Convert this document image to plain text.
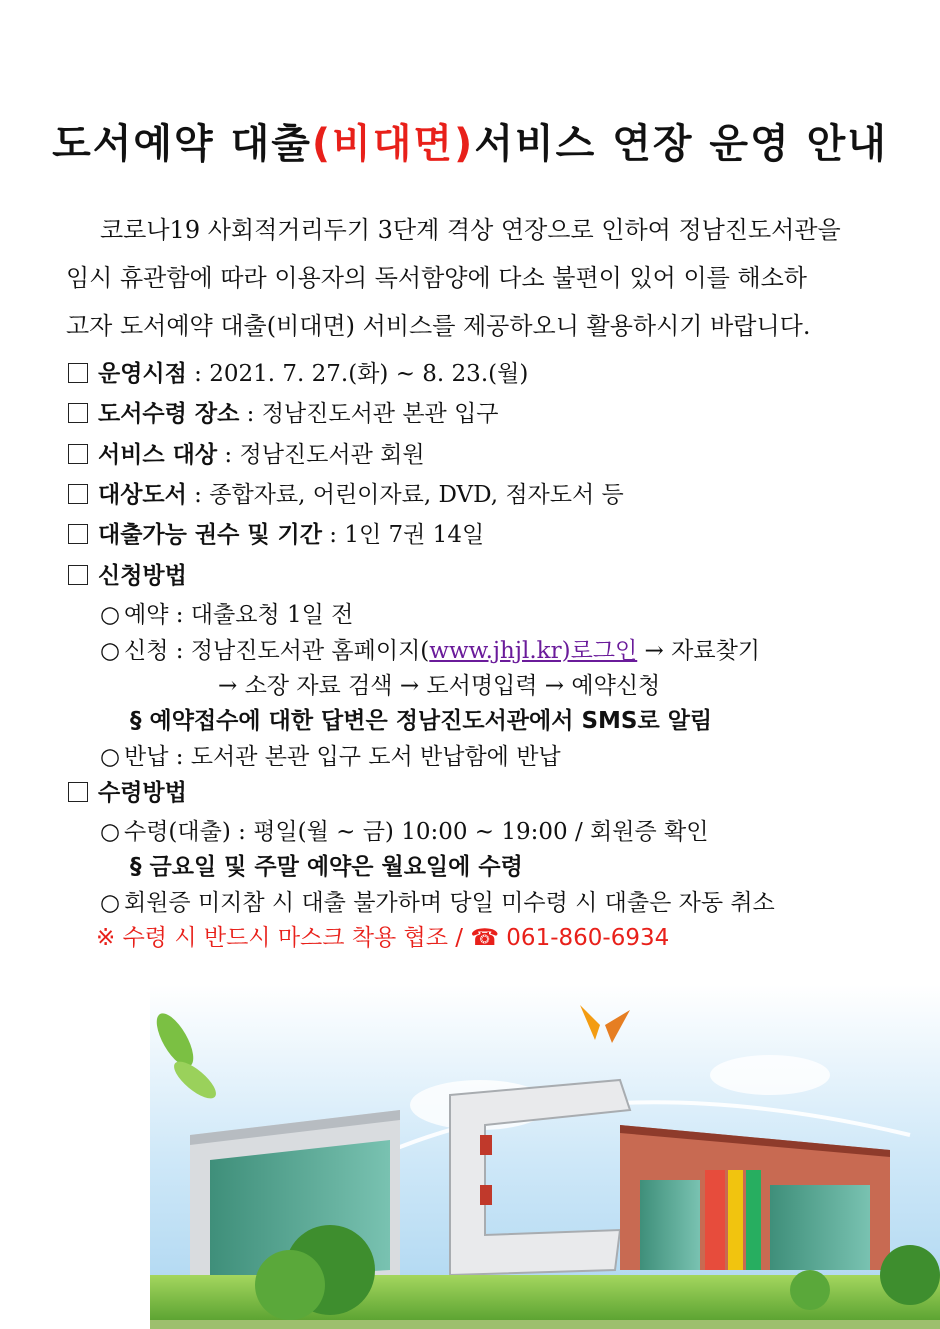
도서예약 대출(비대면)서비스 연장 운영 안내
코로나19 사회적거리두기 3단계 격상 연장으로 인하여 정남진도서관을
임시 휴관함에 따라 이용자의 독서함양에 다소 불편이 있어 이를 해소하
고자 도서예약 대출(비대면) 서비스를 제공하오니 활용하시기 바랍니다.
운영시점 : 2021. 7. 27.(화) ~ 8. 23.(월)
도서수령 장소 : 정남진도서관 본관 입구
서비스 대상 : 정남진도서관 회원
대상도서 : 종합자료, 어린이자료, DVD, 점자도서 등
대출가능 권수 및 기간 : 1인 7권 14일
신청방법
○ 예약 : 대출요청 1일 전
○ 신청 : 정남진도서관 홈페이지(www.jhjl.kr)로그인 → 자료찾기
→ 소장 자료 검색 → 도서명입력 → 예약신청
§ 예약접수에 대한 답변은 정남진도서관에서 SMS로 알림
○ 반납 : 도서관 본관 입구 도서 반납함에 반납
수령방법
○ 수령(대출) : 평일(월 ~ 금) 10:00 ~ 19:00 / 회원증 확인
§ 금요일 및 주말 예약은 월요일에 수령
○ 회원증 미지참 시 대출 불가하며 당일 미수령 시 대출은 자동 취소
※ 수령 시 반드시 마스크 착용 협조 / ☎ 061-860-6934
